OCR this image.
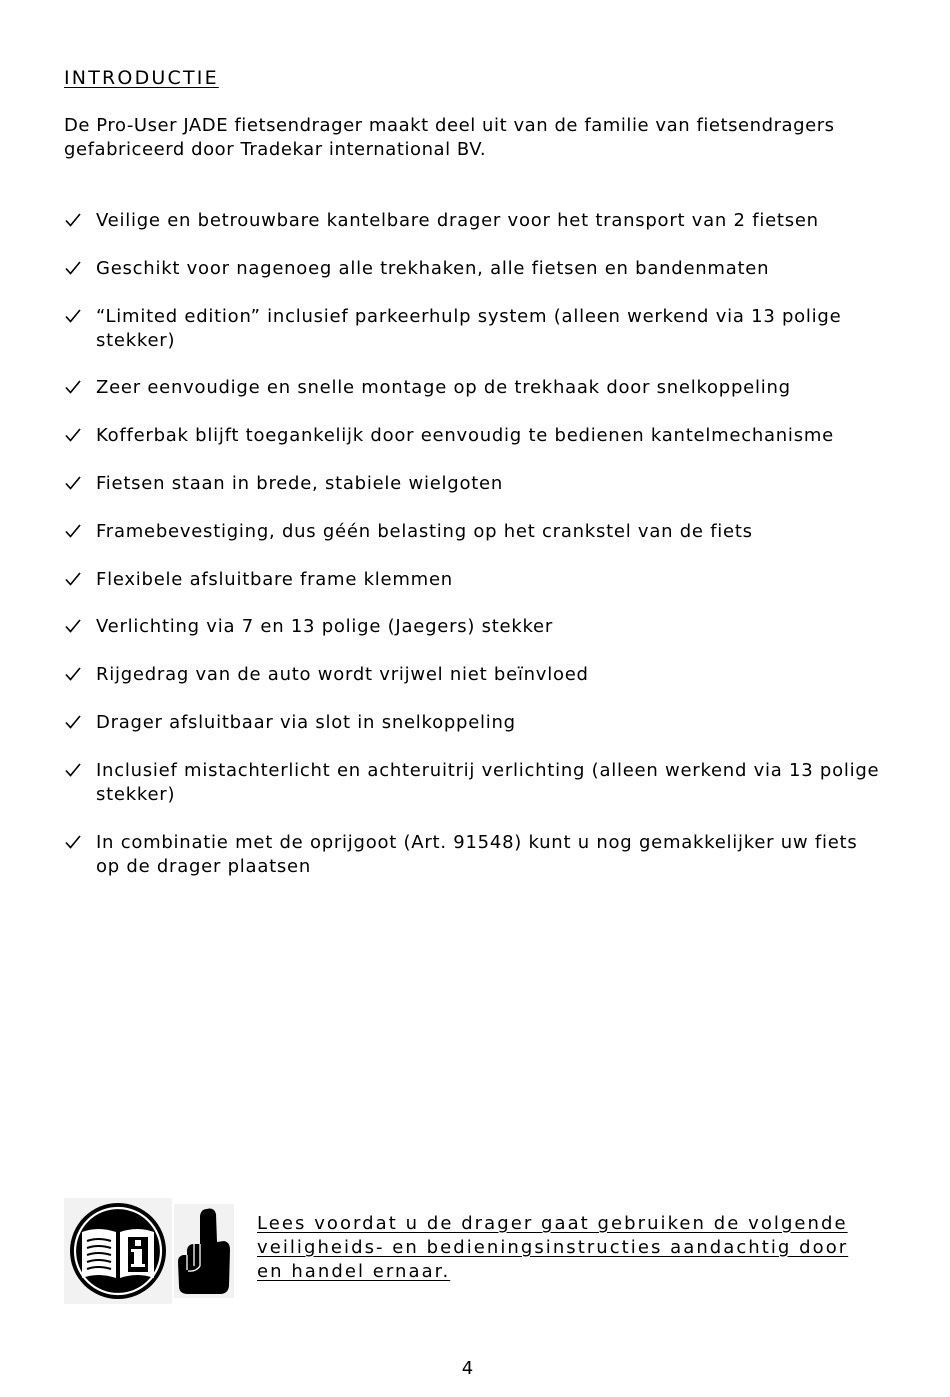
INTRODUCTIE

De Pro-User JADE fietsendrager maakt deel uit van de familie van fietsendragers gefabriceerd door Tradekar international BV.

Veilige en betrouwbare kantelbare drager voor het transport van 2 fietsen
Geschikt voor nagenoeg alle trekhaken, alle fietsen en bandenmaten
“Limited edition” inclusief parkeerhulp system (alleen werkend via 13 polige stekker)
Zeer eenvoudige en snelle montage op de trekhaak door snelkoppeling
Kofferbak blijft toegankelijk door eenvoudig te bedienen kantelmechanisme
Fietsen staan in brede, stabiele wielgoten
Framebevestiging, dus géén belasting op het crankstel van de fiets
Flexibele afsluitbare frame klemmen
Verlichting via 7 en 13 polige (Jaegers) stekker
Rijgedrag van de auto wordt vrijwel niet beïnvloed
Drager afsluitbaar via slot in snelkoppeling
Inclusief mistachterlicht en achteruitrij verlichting (alleen werkend via 13 polige stekker)
In combinatie met de oprijgoot (Art. 91548) kunt u nog gemakkelijker uw fiets op de drager plaatsen

Lees voordat u de drager gaat gebruiken de volgende veiligheids- en bedieningsinstructies aandachtig door en handel ernaar.

4
